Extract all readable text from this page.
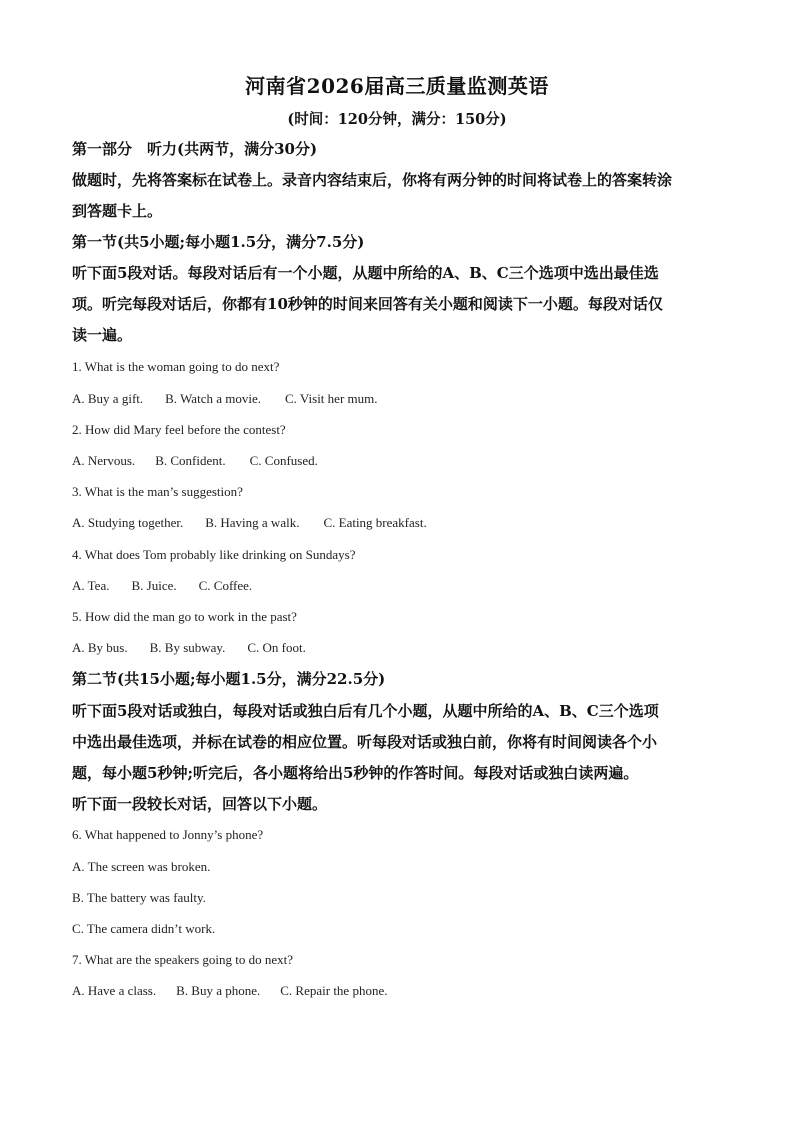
河南省2026届高三质量监测英语
(时间：120分钟，满分：150分)
第一部分　听力(共两节，满分30分)
做题时，先将答案标在试卷上。录音内容结束后，你将有两分钟的时间将试卷上的答案转涂
到答题卡上。
第一节(共5小题;每小题1.5分，满分7.5分)
听下面5段对话。每段对话后有一个小题，从题中所给的A、B、C三个选项中选出最佳选
项。听完每段对话后，你都有10秒钟的时间来回答有关小题和阅读下一小题。每段对话仅
读一遍。
1. What is the woman going to do next?
A. Buy a gift. B. Watch a movie. C. Visit her mum.
2. How did Mary feel before the contest?
A. Nervous. B. Confident. C. Confused.
3. What is the man’s suggestion?
A. Studying together. B. Having a walk. C. Eating breakfast.
4. What does Tom probably like drinking on Sundays?
A. Tea. B. Juice. C. Coffee.
5. How did the man go to work in the past?
A. By bus. B. By subway. C. On foot.
第二节(共15小题;每小题1.5分，满分22.5分)
听下面5段对话或独白，每段对话或独白后有几个小题，从题中所给的A、B、C三个选项
中选出最佳选项，并标在试卷的相应位置。听每段对话或独白前，你将有时间阅读各个小
题，每小题5秒钟;听完后，各小题将给出5秒钟的作答时间。每段对话或独白读两遍。
听下面一段较长对话，回答以下小题。
6. What happened to Jonny’s phone?
A. The screen was broken.
B. The battery was faulty.
C. The camera didn’t work.
7. What are the speakers going to do next?
A. Have a class. B. Buy a phone. C. Repair the phone.
